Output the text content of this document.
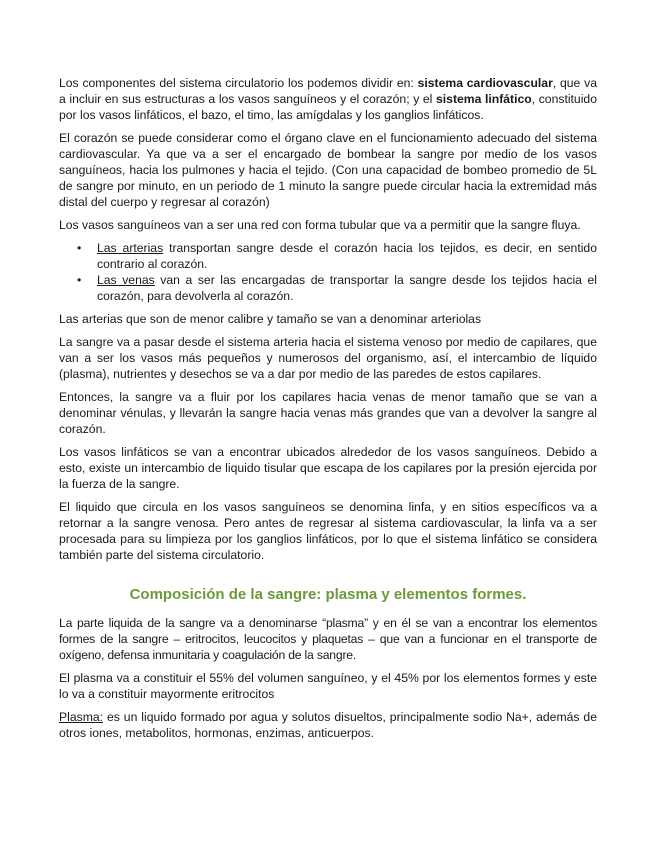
Los componentes del sistema circulatorio los podemos dividir en: sistema cardiovascular, que va a incluir en sus estructuras a los vasos sanguíneos y el corazón; y el sistema linfático, constituido por los vasos linfáticos, el bazo, el timo, las amígdalas y los ganglios linfáticos.

El corazón se puede considerar como el órgano clave en el funcionamiento adecuado del sistema cardiovascular. Ya que va a ser el encargado de bombear la sangre por medio de los vasos sanguíneos, hacia los pulmones y hacia el tejido. (Con una capacidad de bombeo promedio de 5L de sangre por minuto, en un periodo de 1 minuto la sangre puede circular hacia la extremidad más distal del cuerpo y regresar al corazón)

Los vasos sanguíneos van a ser una red con forma tubular que va a permitir que la sangre fluya.

• Las arterias transportan sangre desde el corazón hacia los tejidos, es decir, en sentido contrario al corazón.
• Las venas van a ser las encargadas de transportar la sangre desde los tejidos hacia el corazón, para devolverla al corazón.

Las arterias que son de menor calibre y tamaño se van a denominar arteriolas

La sangre va a pasar desde el sistema arteria hacia el sistema venoso por medio de capilares, que van a ser los vasos más pequeños y numerosos del organismo, así, el intercambio de líquido (plasma), nutrientes y desechos se va a dar por medio de las paredes de estos capilares.

Entonces, la sangre va a fluir por los capilares hacia venas de menor tamaño que se van a denominar vénulas, y llevarán la sangre hacia venas más grandes que van a devolver la sangre al corazón.

Los vasos linfáticos se van a encontrar ubicados alrededor de los vasos sanguíneos. Debido a esto, existe un intercambio de liquido tisular que escapa de los capilares por la presión ejercida por la fuerza de la sangre.

El liquido que circula en los vasos sanguíneos se denomina linfa, y en sitios específicos va a retornar a la sangre venosa. Pero antes de regresar al sistema cardiovascular, la linfa va a ser procesada para su limpieza por los ganglios linfáticos, por lo que el sistema linfático se considera también parte del sistema circulatorio.

Composición de la sangre: plasma y elementos formes.

La parte liquida de la sangre va a denominarse “plasma” y en él se van a encontrar los elementos formes de la sangre – eritrocitos, leucocitos y plaquetas – que van a funcionar en el transporte de oxígeno, defensa inmunitaria y coagulación de la sangre.

El plasma va a constituir el 55% del volumen sanguíneo, y el 45% por los elementos formes y este lo va a constituir mayormente eritrocitos

Plasma: es un liquido formado por agua y solutos disueltos, principalmente sodio Na+, además de otros iones, metabolitos, hormonas, enzimas, anticuerpos.
